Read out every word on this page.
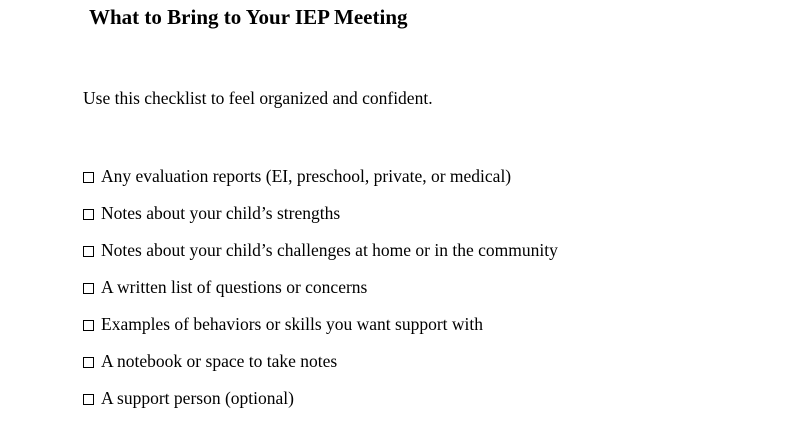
What to Bring to Your IEP Meeting

Use this checklist to feel organized and confident.

Any evaluation reports (EI, preschool, private, or medical)
Notes about your child’s strengths
Notes about your child’s challenges at home or in the community
A written list of questions or concerns
Examples of behaviors or skills you want support with
A notebook or space to take notes
A support person (optional)
